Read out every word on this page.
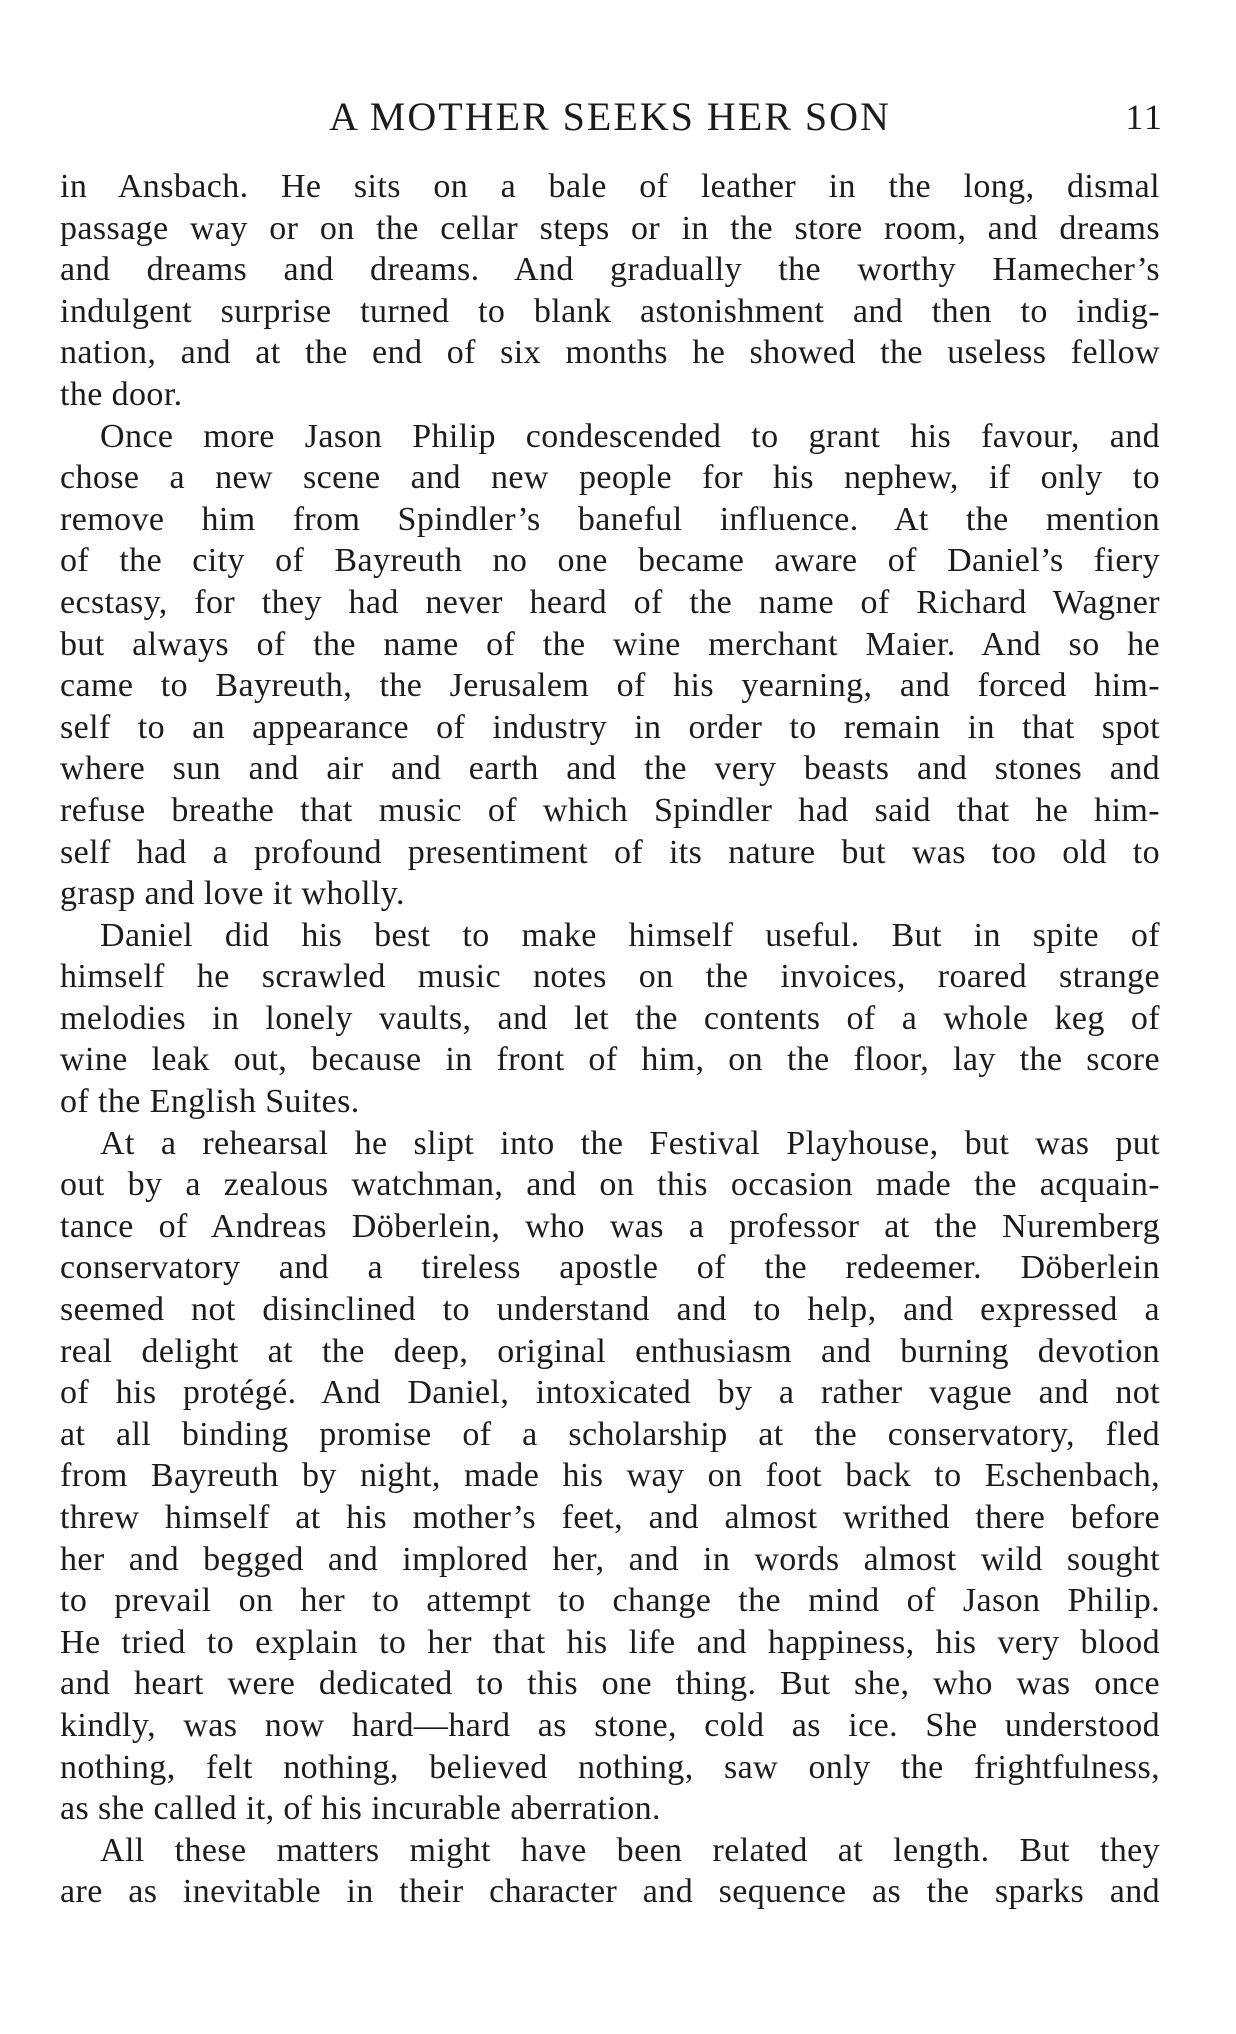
A MOTHER SEEKS HER SON	11
in Ansbach. He sits on a bale of leather in the long, dismal
passage way or on the cellar steps or in the store room, and dreams
and dreams and dreams. And gradually the worthy Hamecher’s
indulgent surprise turned to blank astonishment and then to indig-
nation, and at the end of six months he showed the useless fellow
the door.
Once more Jason Philip condescended to grant his favour, and
chose a new scene and new people for his nephew, if only to
remove him from Spindler’s baneful influence. At the mention
of the city of Bayreuth no one became aware of Daniel’s fiery
ecstasy, for they had never heard of the name of Richard Wagner
but always of the name of the wine merchant Maier. And so he
came to Bayreuth, the Jerusalem of his yearning, and forced him-
self to an appearance of industry in order to remain in that spot
where sun and air and earth and the very beasts and stones and
refuse breathe that music of which Spindler had said that he him-
self had a profound presentiment of its nature but was too old to
grasp and love it wholly.
Daniel did his best to make himself useful. But in spite of
himself he scrawled music notes on the invoices, roared strange
melodies in lonely vaults, and let the contents of a whole keg of
wine leak out, because in front of him, on the floor, lay the score
of the English Suites.
At a rehearsal he slipt into the Festival Playhouse, but was put
out by a zealous watchman, and on this occasion made the acquain-
tance of Andreas Döberlein, who was a professor at the Nuremberg
conservatory and a tireless apostle of the redeemer. Döberlein
seemed not disinclined to understand and to help, and expressed a
real delight at the deep, original enthusiasm and burning devotion
of his protégé. And Daniel, intoxicated by a rather vague and not
at all binding promise of a scholarship at the conservatory, fled
from Bayreuth by night, made his way on foot back to Eschenbach,
threw himself at his mother’s feet, and almost writhed there before
her and begged and implored her, and in words almost wild sought
to prevail on her to attempt to change the mind of Jason Philip.
He tried to explain to her that his life and happiness, his very blood
and heart were dedicated to this one thing. But she, who was once
kindly, was now hard—hard as stone, cold as ice. She understood
nothing, felt nothing, believed nothing, saw only the frightfulness,
as she called it, of his incurable aberration.
All these matters might have been related at length. But they
are as inevitable in their character and sequence as the sparks and
